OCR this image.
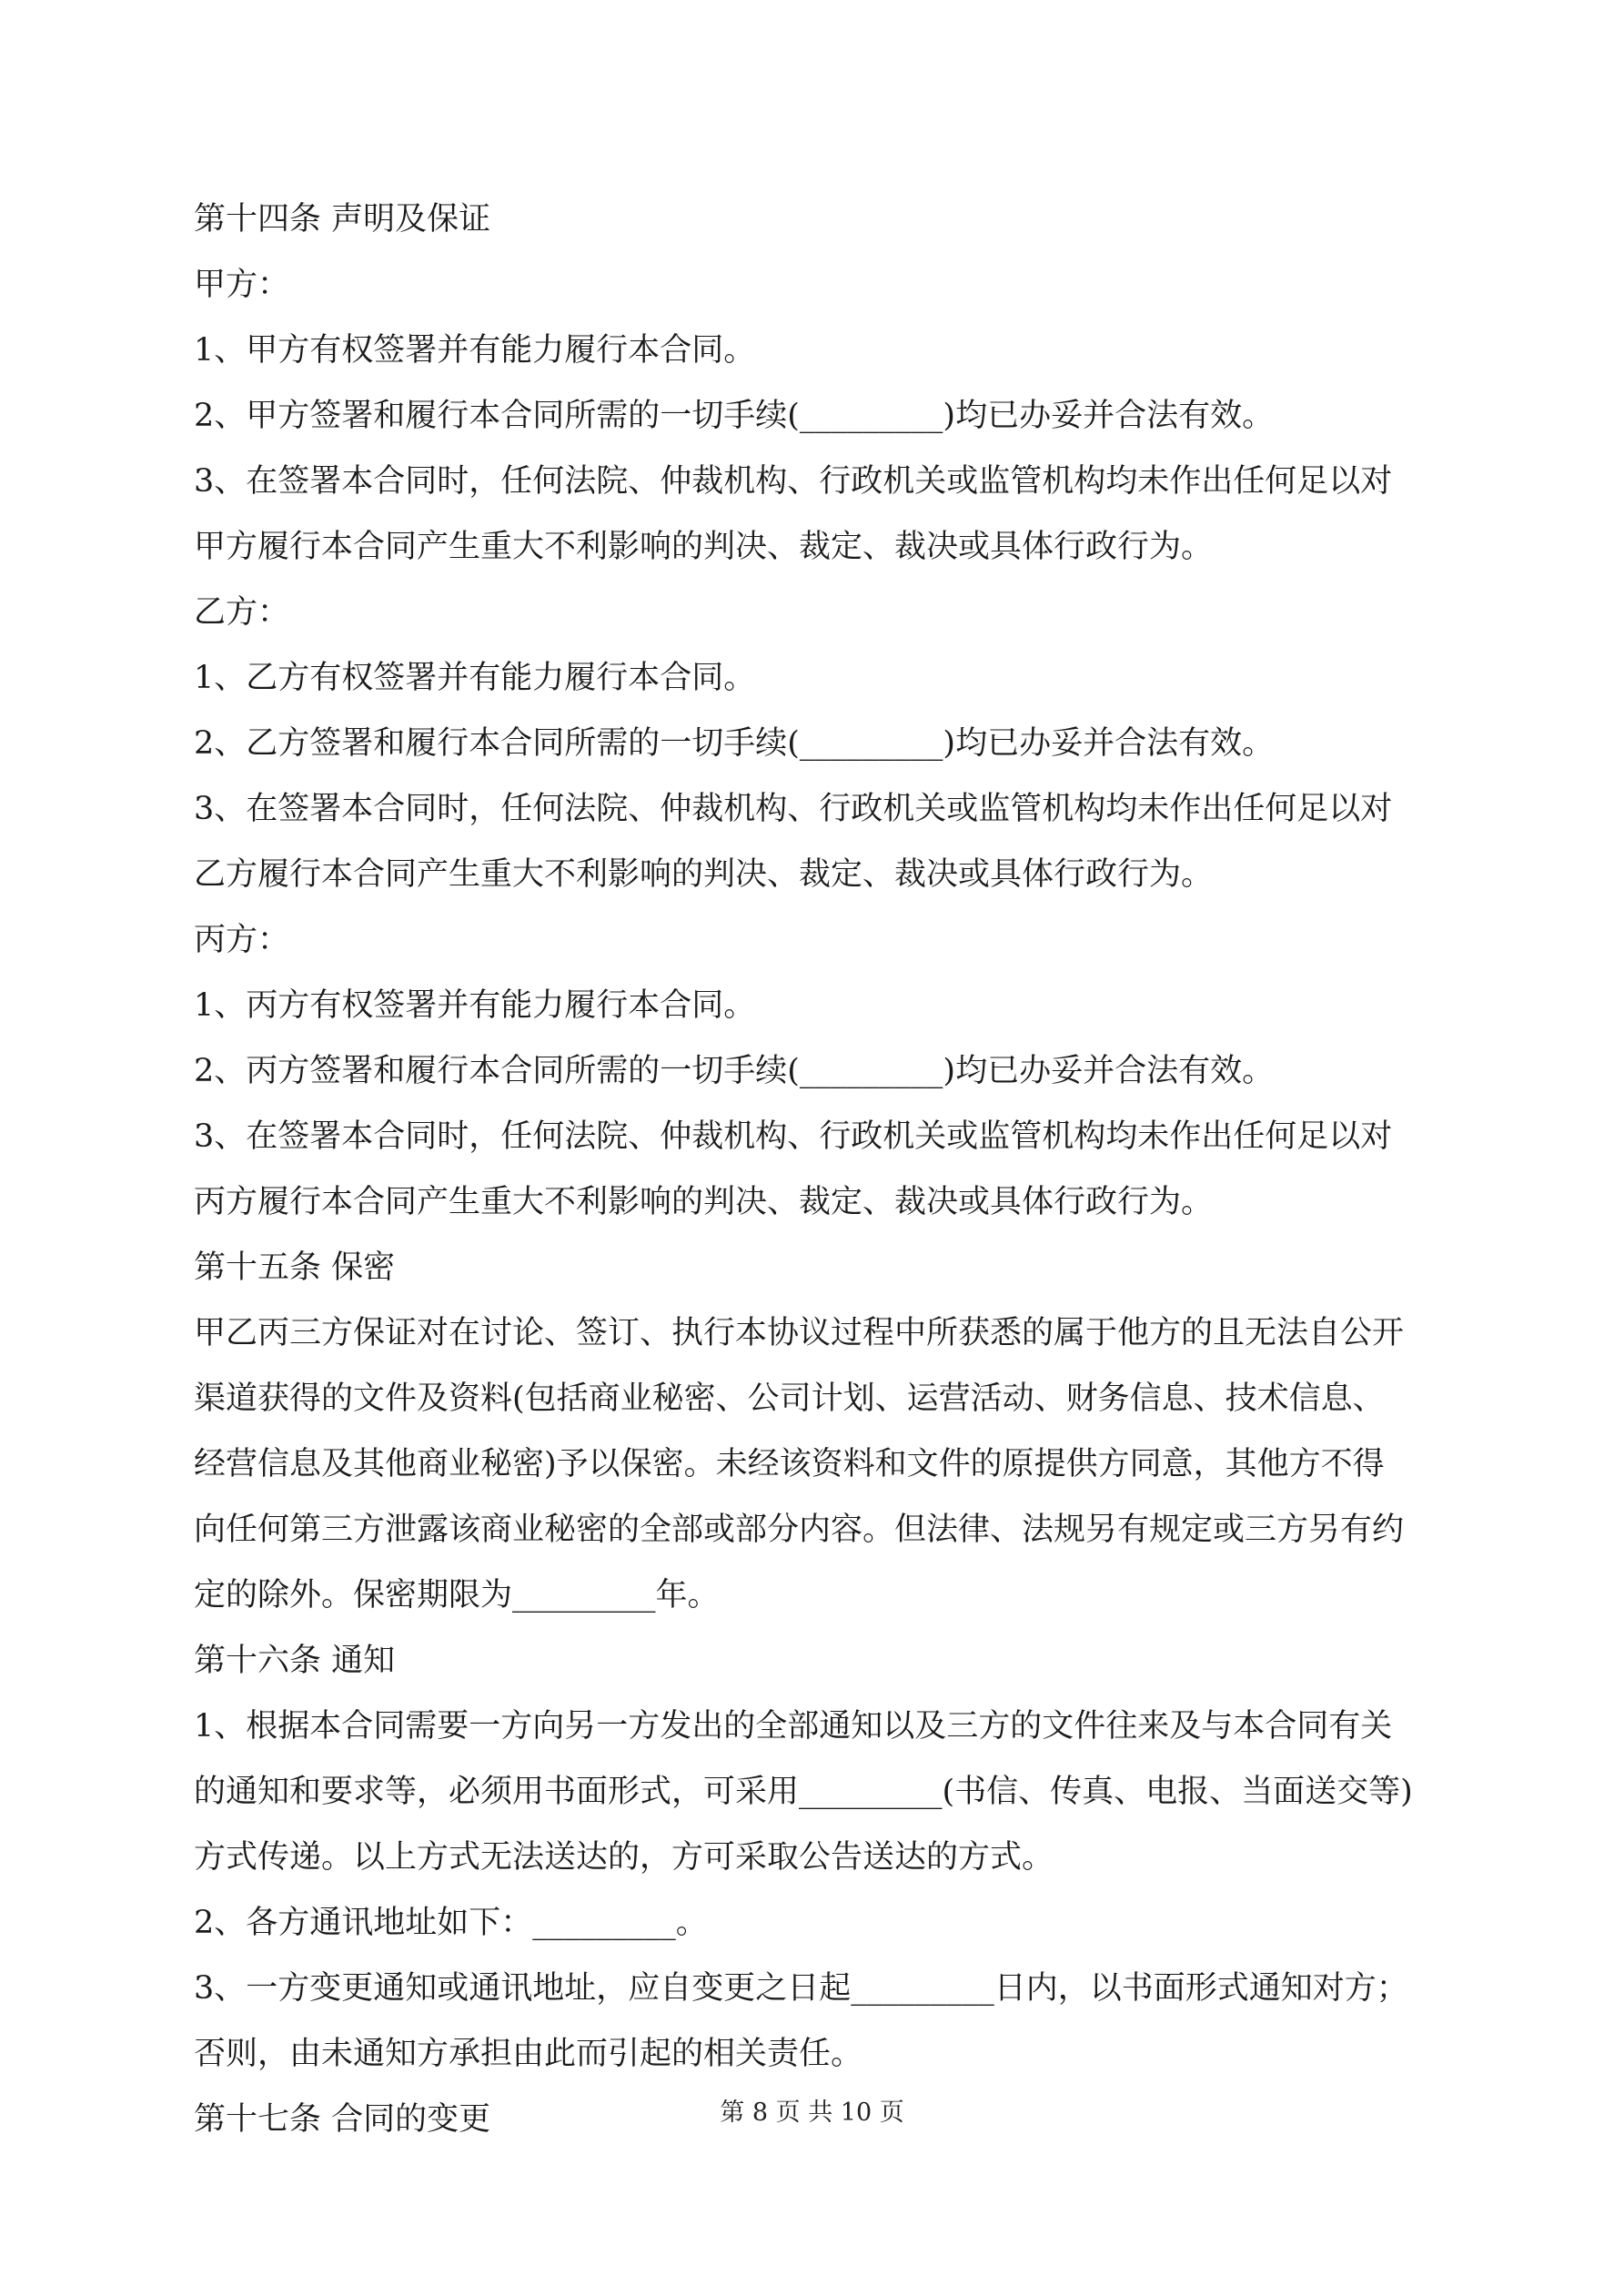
第十四条 声明及保证
甲方：
1、甲方有权签署并有能力履行本合同。
2、甲方签署和履行本合同所需的一切手续(_________)均已办妥并合法有效。
3、在签署本合同时，任何法院、仲裁机构、行政机关或监管机构均未作出任何足以对
甲方履行本合同产生重大不利影响的判决、裁定、裁决或具体行政行为。
乙方：
1、乙方有权签署并有能力履行本合同。
2、乙方签署和履行本合同所需的一切手续(_________)均已办妥并合法有效。
3、在签署本合同时，任何法院、仲裁机构、行政机关或监管机构均未作出任何足以对
乙方履行本合同产生重大不利影响的判决、裁定、裁决或具体行政行为。
丙方：
1、丙方有权签署并有能力履行本合同。
2、丙方签署和履行本合同所需的一切手续(_________)均已办妥并合法有效。
3、在签署本合同时，任何法院、仲裁机构、行政机关或监管机构均未作出任何足以对
丙方履行本合同产生重大不利影响的判决、裁定、裁决或具体行政行为。
第十五条 保密
甲乙丙三方保证对在讨论、签订、执行本协议过程中所获悉的属于他方的且无法自公开
渠道获得的文件及资料(包括商业秘密、公司计划、运营活动、财务信息、技术信息、
经营信息及其他商业秘密)予以保密。未经该资料和文件的原提供方同意，其他方不得
向任何第三方泄露该商业秘密的全部或部分内容。但法律、法规另有规定或三方另有约
定的除外。保密期限为_________年。
第十六条 通知
1、根据本合同需要一方向另一方发出的全部通知以及三方的文件往来及与本合同有关
的通知和要求等，必须用书面形式，可采用_________(书信、传真、电报、当面送交等)
方式传递。以上方式无法送达的，方可采取公告送达的方式。
2、各方通讯地址如下：_________。
3、一方变更通知或通讯地址，应自变更之日起_________日内，以书面形式通知对方；
否则，由未通知方承担由此而引起的相关责任。
第十七条 合同的变更	第 8 页 共 10 页
